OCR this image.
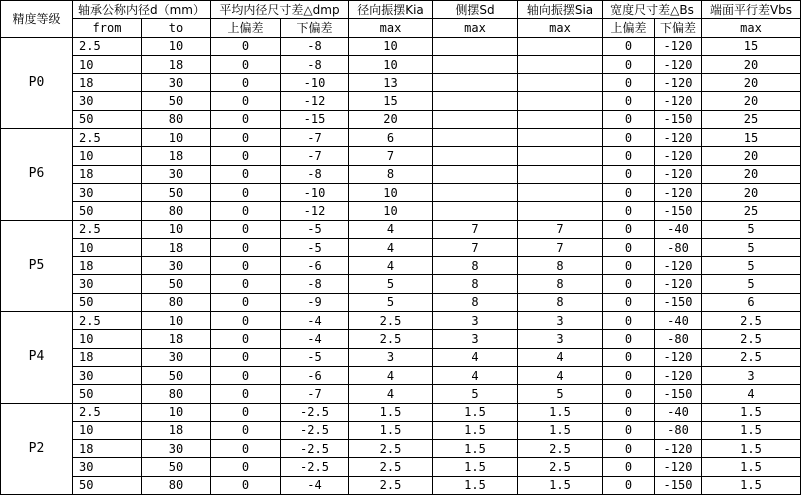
精度等级	轴承公称内径d（mm）		平均内径尺寸差△dmp		径向振摆Kia	侧摆Sd	轴向振摆Sia	宽度尺寸差△Bs		端面平行差Vbs
	from	to	上偏差	下偏差	max	max	max	上偏差	下偏差	max
P0	2.5	10	0	-8	10			0	-120	15
	10	18	0	-8	10			0	-120	20
	18	30	0	-10	13			0	-120	20
	30	50	0	-12	15			0	-120	20
	50	80	0	-15	20			0	-150	25
P6	2.5	10	0	-7	6			0	-120	15
	10	18	0	-7	7			0	-120	20
	18	30	0	-8	8			0	-120	20
	30	50	0	-10	10			0	-120	20
	50	80	0	-12	10			0	-150	25
P5	2.5	10	0	-5	4	7	7	0	-40	5
	10	18	0	-5	4	7	7	0	-80	5
	18	30	0	-6	4	8	8	0	-120	5
	30	50	0	-8	5	8	8	0	-120	5
	50	80	0	-9	5	8	8	0	-150	6
P4	2.5	10	0	-4	2.5	3	3	0	-40	2.5
	10	18	0	-4	2.5	3	3	0	-80	2.5
	18	30	0	-5	3	4	4	0	-120	2.5
	30	50	0	-6	4	4	4	0	-120	3
	50	80	0	-7	4	5	5	0	-150	4
P2	2.5	10	0	-2.5	1.5	1.5	1.5	0	-40	1.5
	10	18	0	-2.5	1.5	1.5	1.5	0	-80	1.5
	18	30	0	-2.5	2.5	1.5	2.5	0	-120	1.5
	30	50	0	-2.5	2.5	1.5	2.5	0	-120	1.5
	50	80	0	-4	2.5	1.5	1.5	0	-150	1.5
